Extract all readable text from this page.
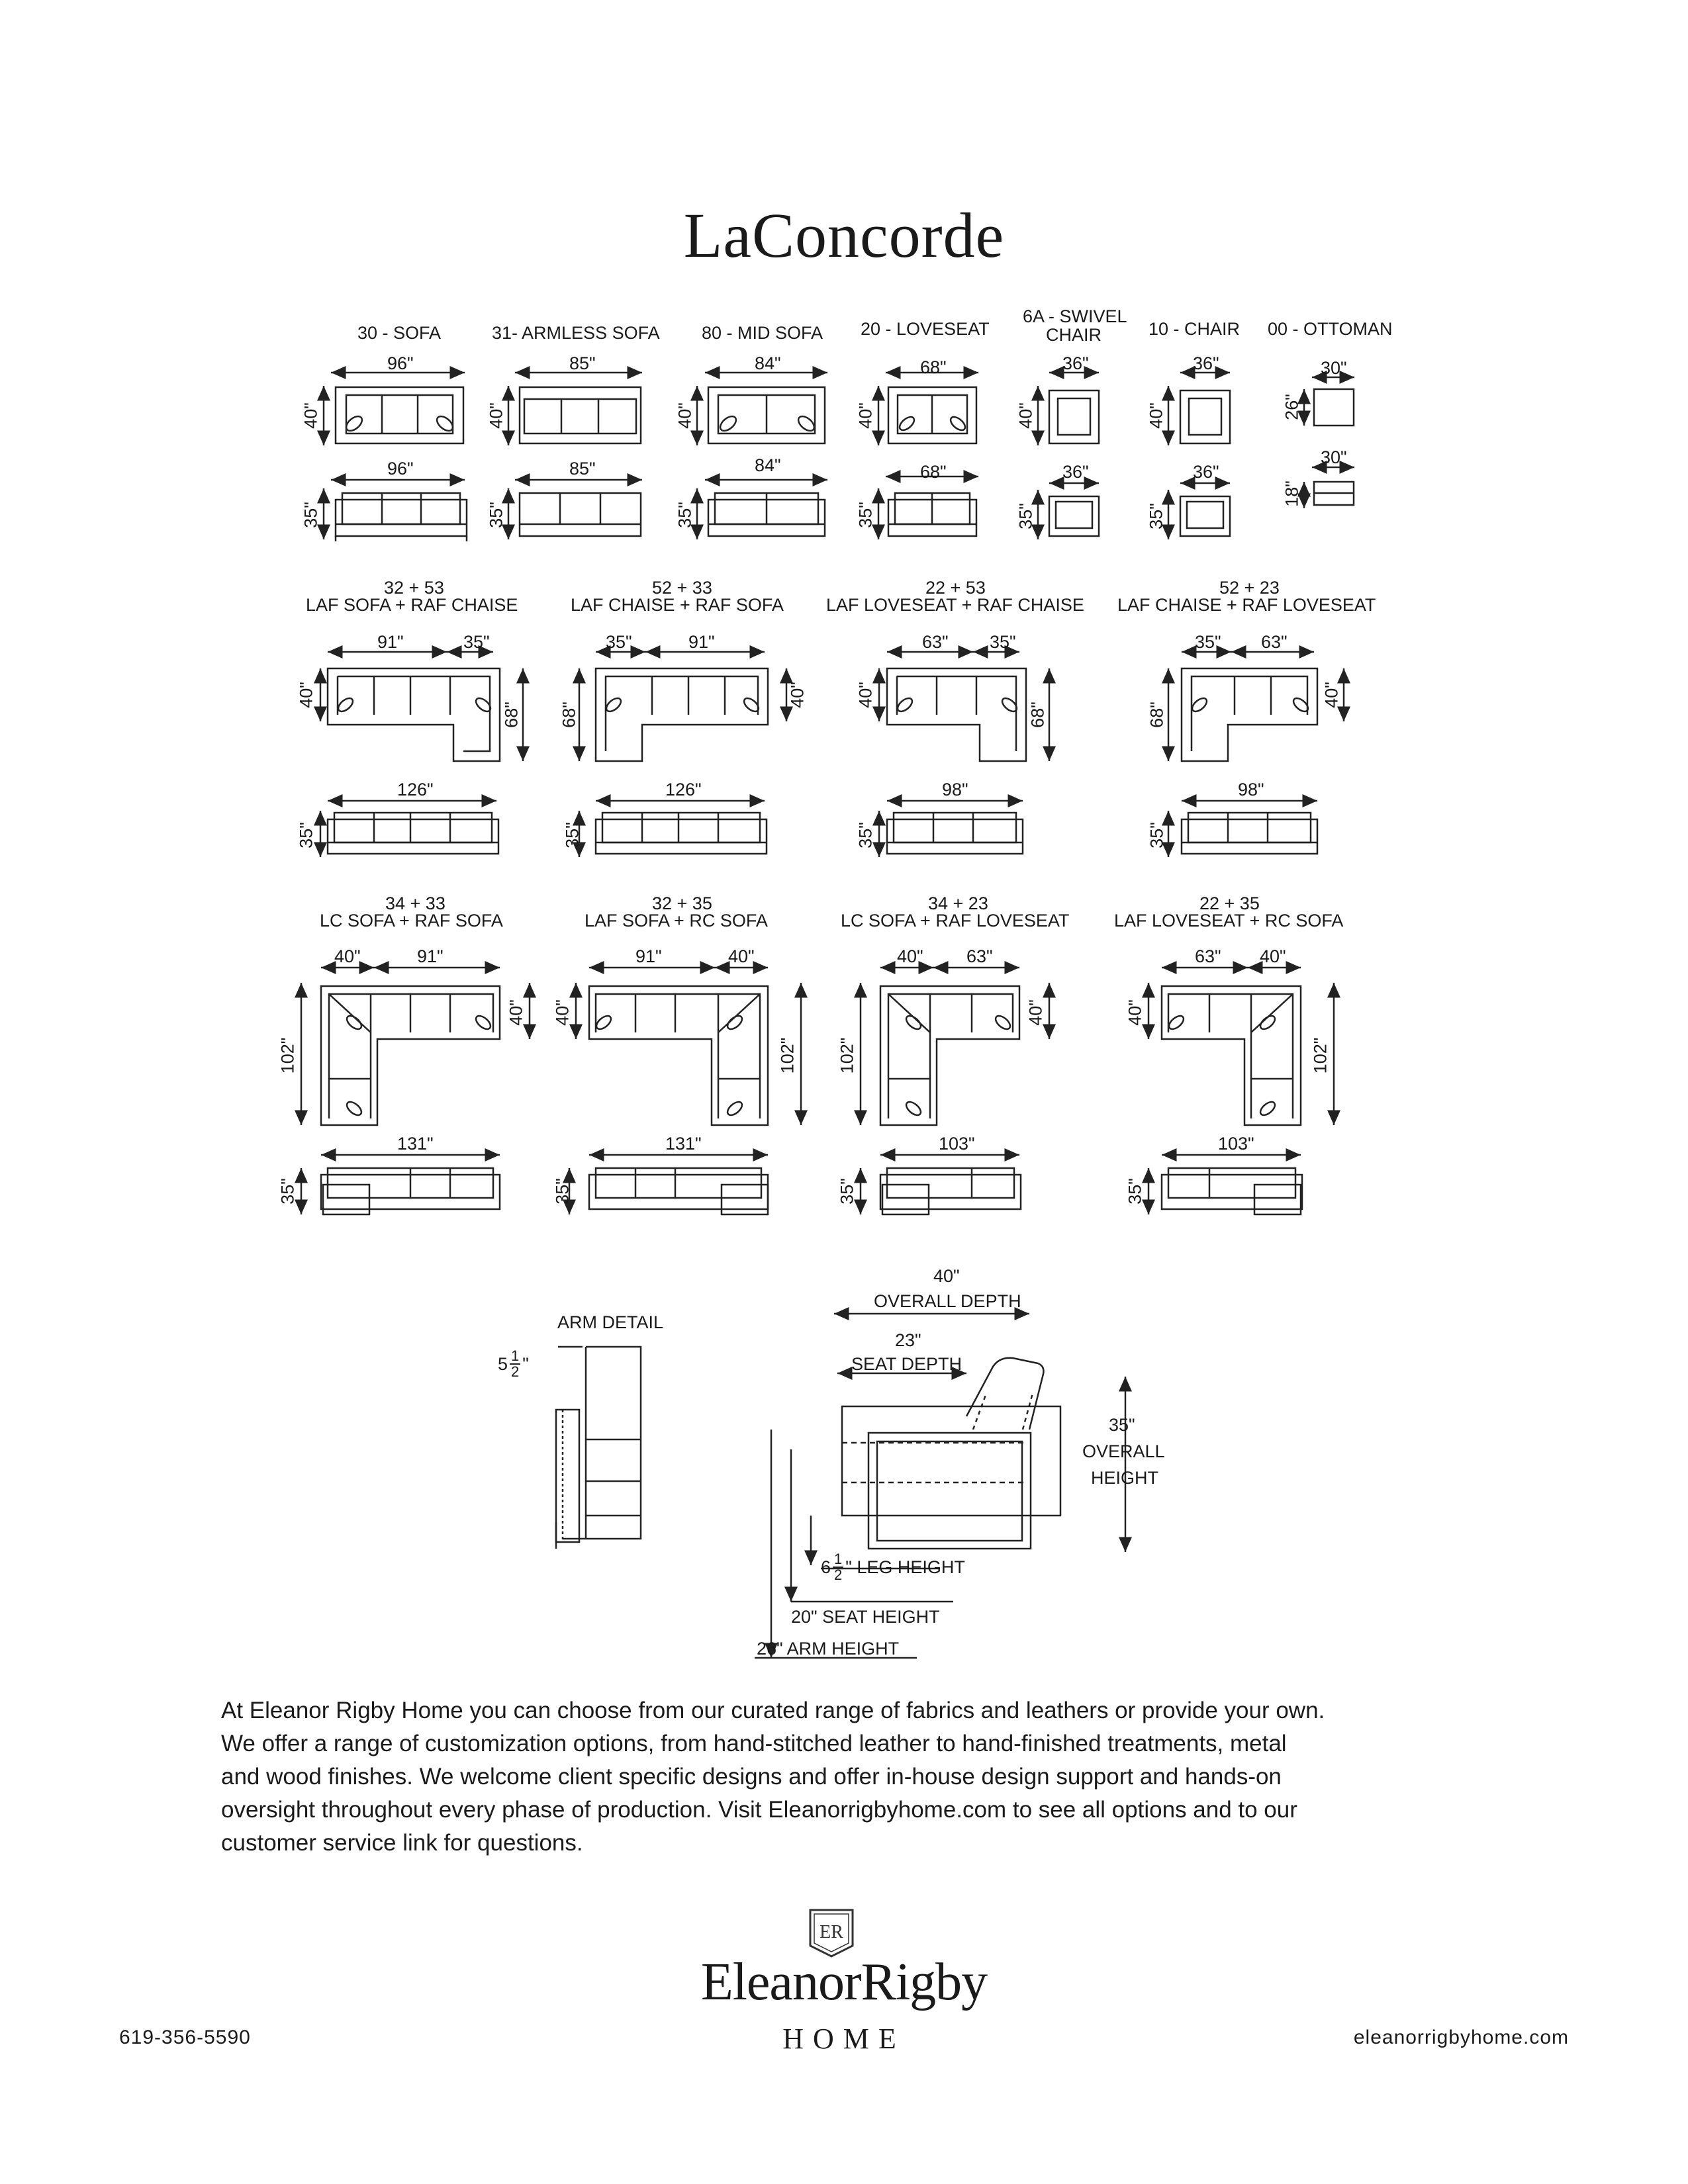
LaConcorde
30 - SOFA	31- ARMLESS SOFA 80 - MID SOFA 20 - LOVESEAT
6A - SWIVEL
CHAIR	10 - CHAIR 00 - OTTOMAN
96"
40"
96"
35"
85"
40"
85"
35"
84"
40"
84"
35"
68"
40"
68"
35"
36"
40"
36"
35"
36"
40"
36"
35"
30"
26"
30"
18"
32 + 53
LAF SOFA + RAF CHAISE
52 + 33
LAF CHAISE + RAF SOFA
22 + 53
LAF LOVESEAT + RAF CHAISE
52 + 23
LAF CHAISE + RAF LOVESEAT
91"	35"
40"
68"
126"
35"
35"	91"
68"
40"
126"
35"
63" 35"
40"
68"
98"
35"
35" 63"
68"
40"
98"
35"
34 + 33
LC SOFA + RAF SOFA
32 + 35
LAF SOFA + RC SOFA
34 + 23
LC SOFA + RAF LOVESEAT
22 + 35
LAF LOVESEAT + RC SOFA
40"	91"
102"
40"
131"
35"
91"	40"
40"
102"
131"
35"
40" 63"
102"
40"
103"
35"
63" 40"
40"
102"
103"
35"
ARM DETAIL
$5 \frac{1}{2}$ "
40"
OVERALL DEPTH
23"
SEAT DEPTH
35"
OVERALL
HEIGHT
$6 \frac{1}{2}$ " LEG HEIGHT
20" SEAT HEIGHT
26" ARM HEIGHT
At Eleanor Rigby Home you can choose from our curated range of fabrics and leathers or provide your own.
We offer a range of customization options, from hand-stitched leather to hand-finished treatments, metal
and wood finishes. We welcome client specific designs and offer in-house design support and hands-on
oversight throughout every phase of production. Visit Eleanorrigbyhome.com to see all options and to our
customer service link for questions.
ER
EleanorRigby
HOME
619-356-5590	eleanorrigbyhome.com
